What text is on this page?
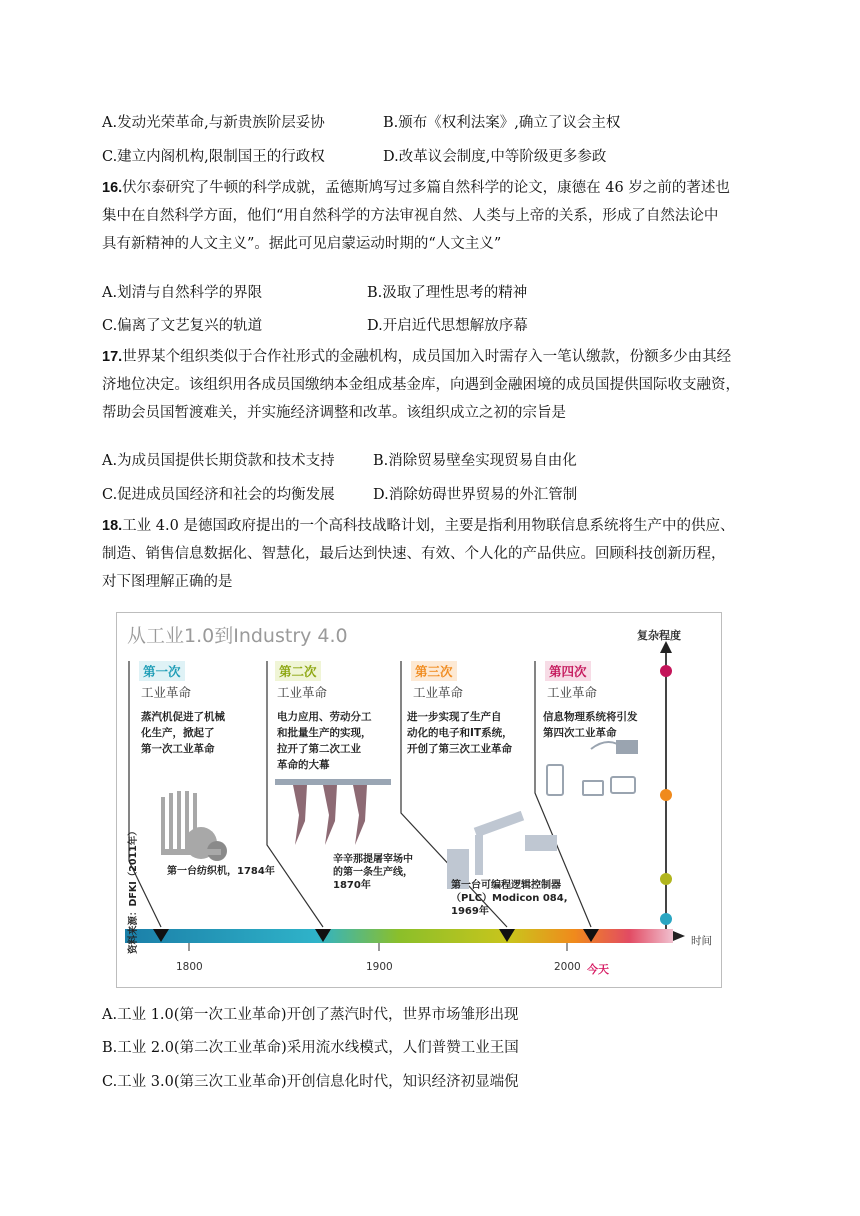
A.发动光荣革命,与新贵族阶层妥协	B.颁布《权利法案》,确立了议会主权
C.建立内阁机构,限制国王的行政权	D.改革议会制度,中等阶级更多参政
16.伏尔泰研究了牛顿的科学成就，孟德斯鸠写过多篇自然科学的论文，康德在 46 岁之前的著述也
集中在自然科学方面，他们“用自然科学的方法审视自然、人类与上帝的关系，形成了自然法论中
具有新精神的人文主义”。据此可见启蒙运动时期的“人文主义”
A.划清与自然科学的界限	B.汲取了理性思考的精神
C.偏离了文艺复兴的轨道	D.开启近代思想解放序幕
17.世界某个组织类似于合作社形式的金融机构，成员国加入时需存入一笔认缴款，份额多少由其经
济地位决定。该组织用各成员国缴纳本金组成基金库，向遇到金融困境的成员国提供国际收支融资，
帮助会员国暂渡难关，并实施经济调整和改革。该组织成立之初的宗旨是
A.为成员国提供长期贷款和技术支持	B.消除贸易壁垒实现贸易自由化
C.促进成员国经济和社会的均衡发展	D.消除妨碍世界贸易的外汇管制
18.工业 4.0 是德国政府提出的一个高科技战略计划，主要是指利用物联信息系统将生产中的供应、
制造、销售信息数据化、智慧化，最后达到快速、有效、个人化的产品供应。回顾科技创新历程，
对下图理解正确的是
从工业1.0到Industry 4.0	复杂程度
第一次
工业革命
蒸汽机促进了机械
化生产，掀起了
第一次工业革命
第二次
工业革命
电力应用、劳动分工
和批量生产的实现，
拉开了第二次工业
革命的大幕
第三次
工业革命
进一步实现了生产自
动化的电子和IT系统，
开创了第三次工业革命
第四次
工业革命
信息物理系统将引发
第四次工业革命
第一台纺织机，1784年
辛辛那提屠宰场中
的第一条生产线，
1870年	第一台可编程逻辑控制器
（PLC）Modicon 084,
1969年
1800	1900	2000 今天
时间
资料来源：DFKI（2011年）
A.工业 1.0(第一次工业革命)开创了蒸汽时代，世界市场雏形出现
B.工业 2.0(第二次工业革命)采用流水线模式，人们普赞工业王国
C.工业 3.0(第三次工业革命)开创信息化时代，知识经济初显端倪
